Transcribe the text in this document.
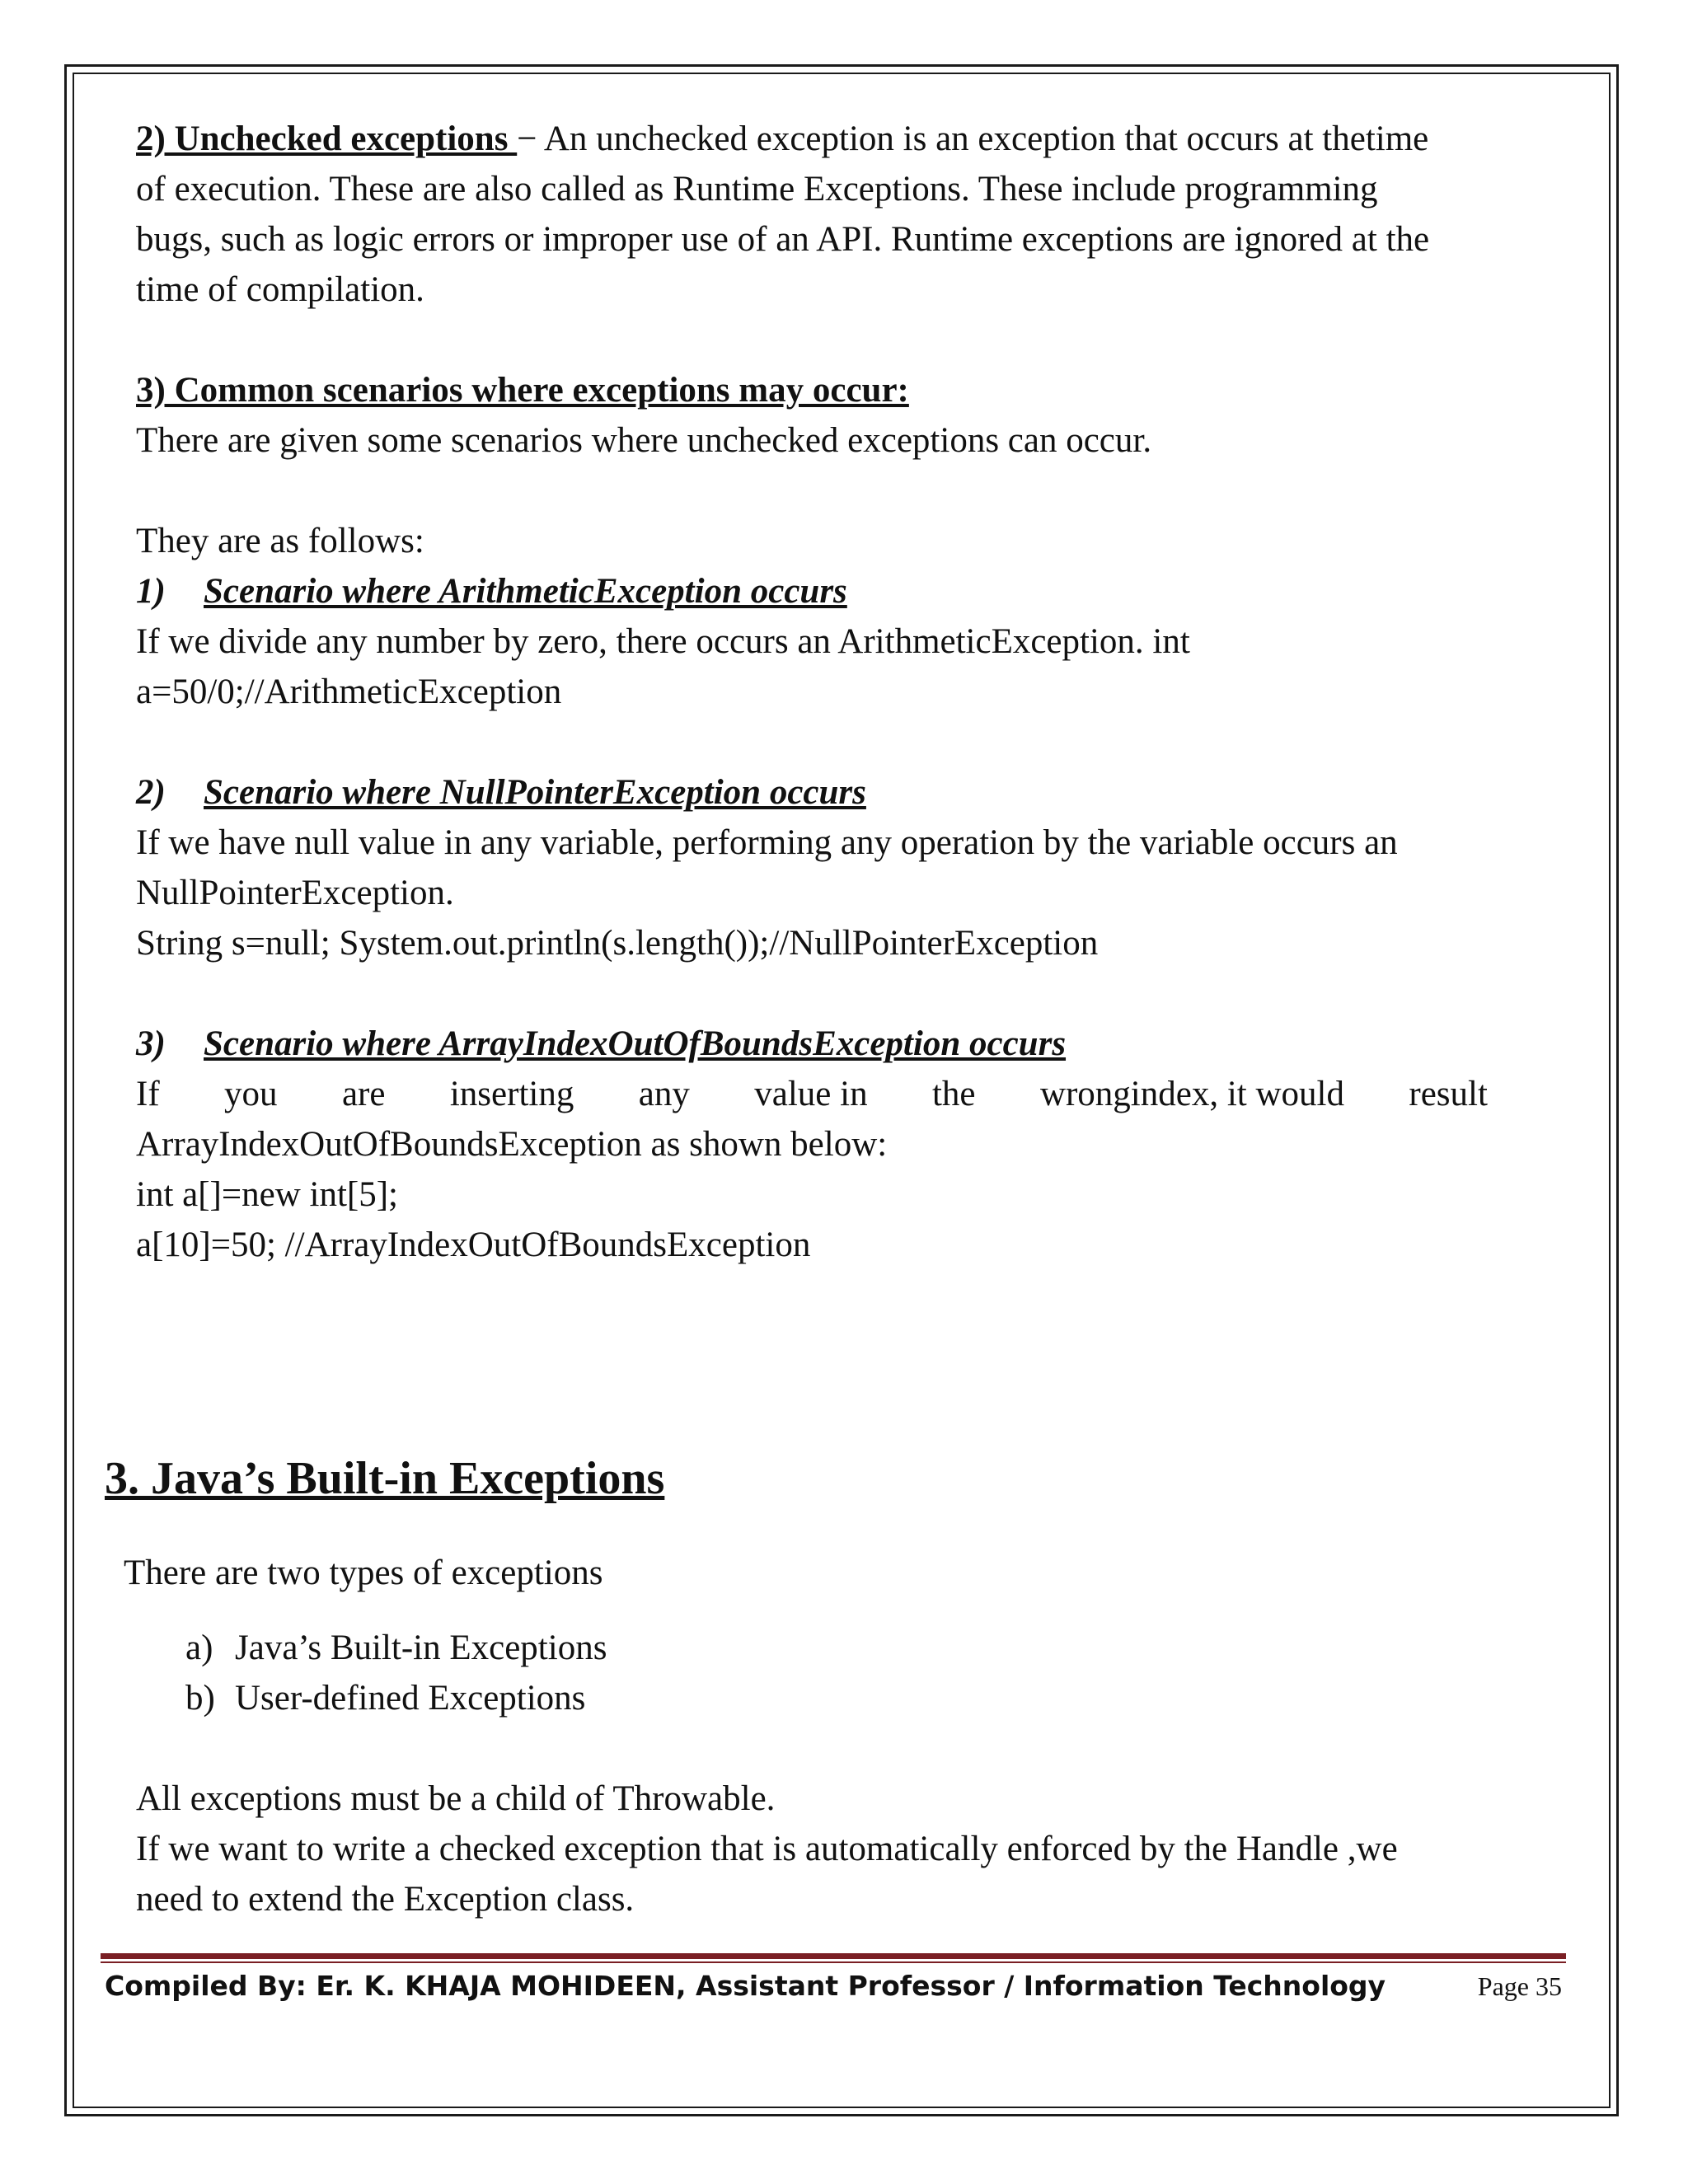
2) Unchecked exceptions − An unchecked exception is an exception that occurs at thetime
of execution. These are also called as Runtime Exceptions. These include programming
bugs, such as logic errors or improper use of an API. Runtime exceptions are ignored at the
time of compilation.

3) Common scenarios where exceptions may occur:

There are given some scenarios where unchecked exceptions can occur.

They are as follows:

1) Scenario where ArithmeticException occurs

If we divide any number by zero, there occurs an ArithmeticException. int

a=50/0;//ArithmeticException

2) Scenario where NullPointerException occurs

If we have null value in any variable, performing any operation by the variable occurs an

NullPointerException.

String s=null; System.out.println(s.length());//NullPointerException

3) Scenario where ArrayIndexOutOfBoundsException occurs

If you are inserting any value in the wrongindex, it would result

ArrayIndexOutOfBoundsException as shown below:

int a[]=new int[5];

a[10]=50; //ArrayIndexOutOfBoundsException

3. Java’s Built-in Exceptions

There are two types of exceptions

a) Java’s Built-in Exceptions
b) User-defined Exceptions

All exceptions must be a child of Throwable.

If we want to write a checked exception that is automatically enforced by the Handle ,we

need to extend the Exception class.

Compiled By: Er. K. KHAJA MOHIDEEN, Assistant Professor / Information Technology	Page 35
